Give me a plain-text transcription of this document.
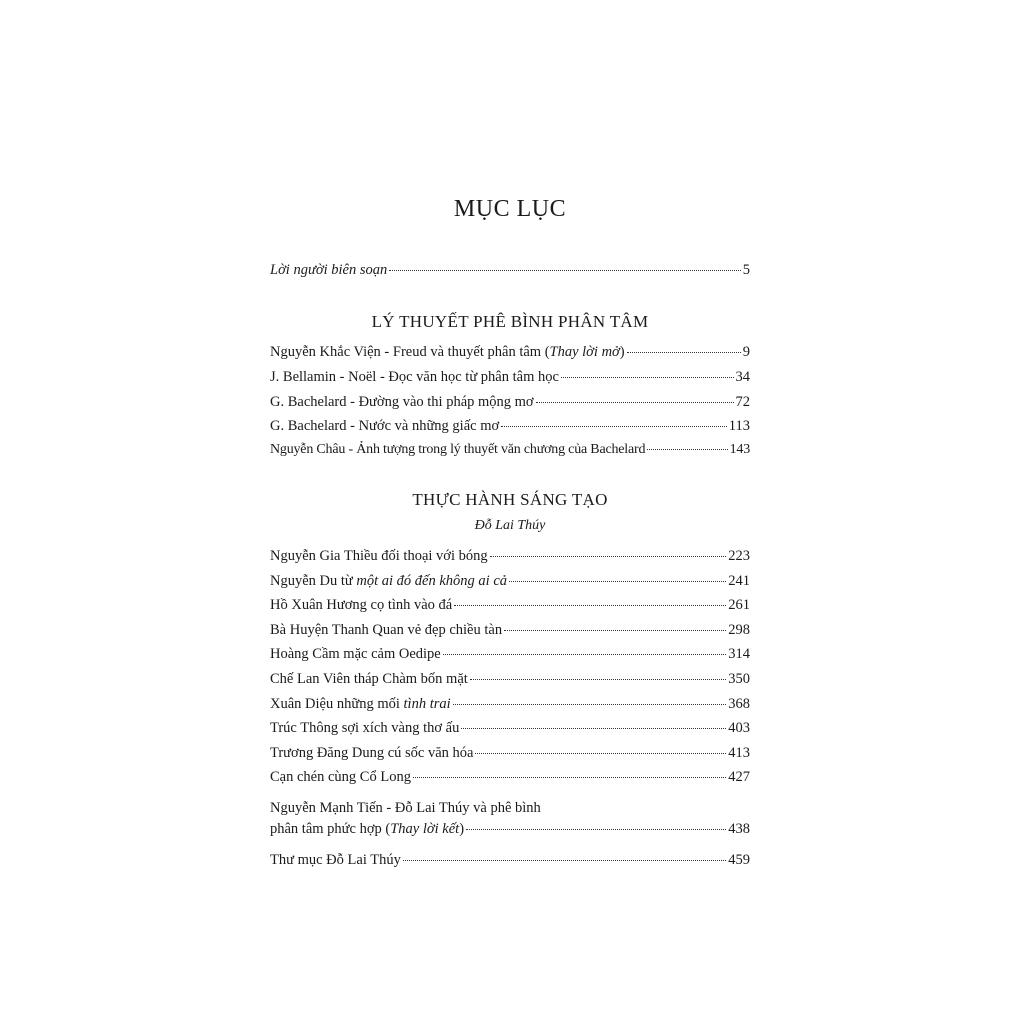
MỤC LỤC
Lời người biên soạn	5
LÝ THUYẾT PHÊ BÌNH PHÂN TÂM
Nguyễn Khắc Viện - Freud và thuyết phân tâm (Thay lời mở)	9
J. Bellamin - Noël - Đọc văn học từ phân tâm học	34
G. Bachelard - Đường vào thi pháp mộng mơ	72
G. Bachelard - Nước và những giấc mơ	113
Nguyễn Châu - Ảnh tượng trong lý thuyết văn chương của Bachelard	143
THỰC HÀNH SÁNG TẠO
Đỗ Lai Thúy
Nguyễn Gia Thiều đối thoại với bóng	223
Nguyễn Du từ một ai đó đến không ai cả	241
Hồ Xuân Hương cọ tình vào đá	261
Bà Huyện Thanh Quan vẻ đẹp chiều tàn	298
Hoàng Cầm mặc cảm Oedipe	314
Chế Lan Viên tháp Chàm bốn mặt	350
Xuân Diệu những mối tình trai	368
Trúc Thông sợi xích vàng thơ ấu	403
Trương Đăng Dung cú sốc văn hóa	413
Cạn chén cùng Cổ Long	427
Nguyễn Mạnh Tiến - Đỗ Lai Thúy và phê bình
phân tâm phức hợp (Thay lời kết)	438
Thư mục Đỗ Lai Thúy	459
